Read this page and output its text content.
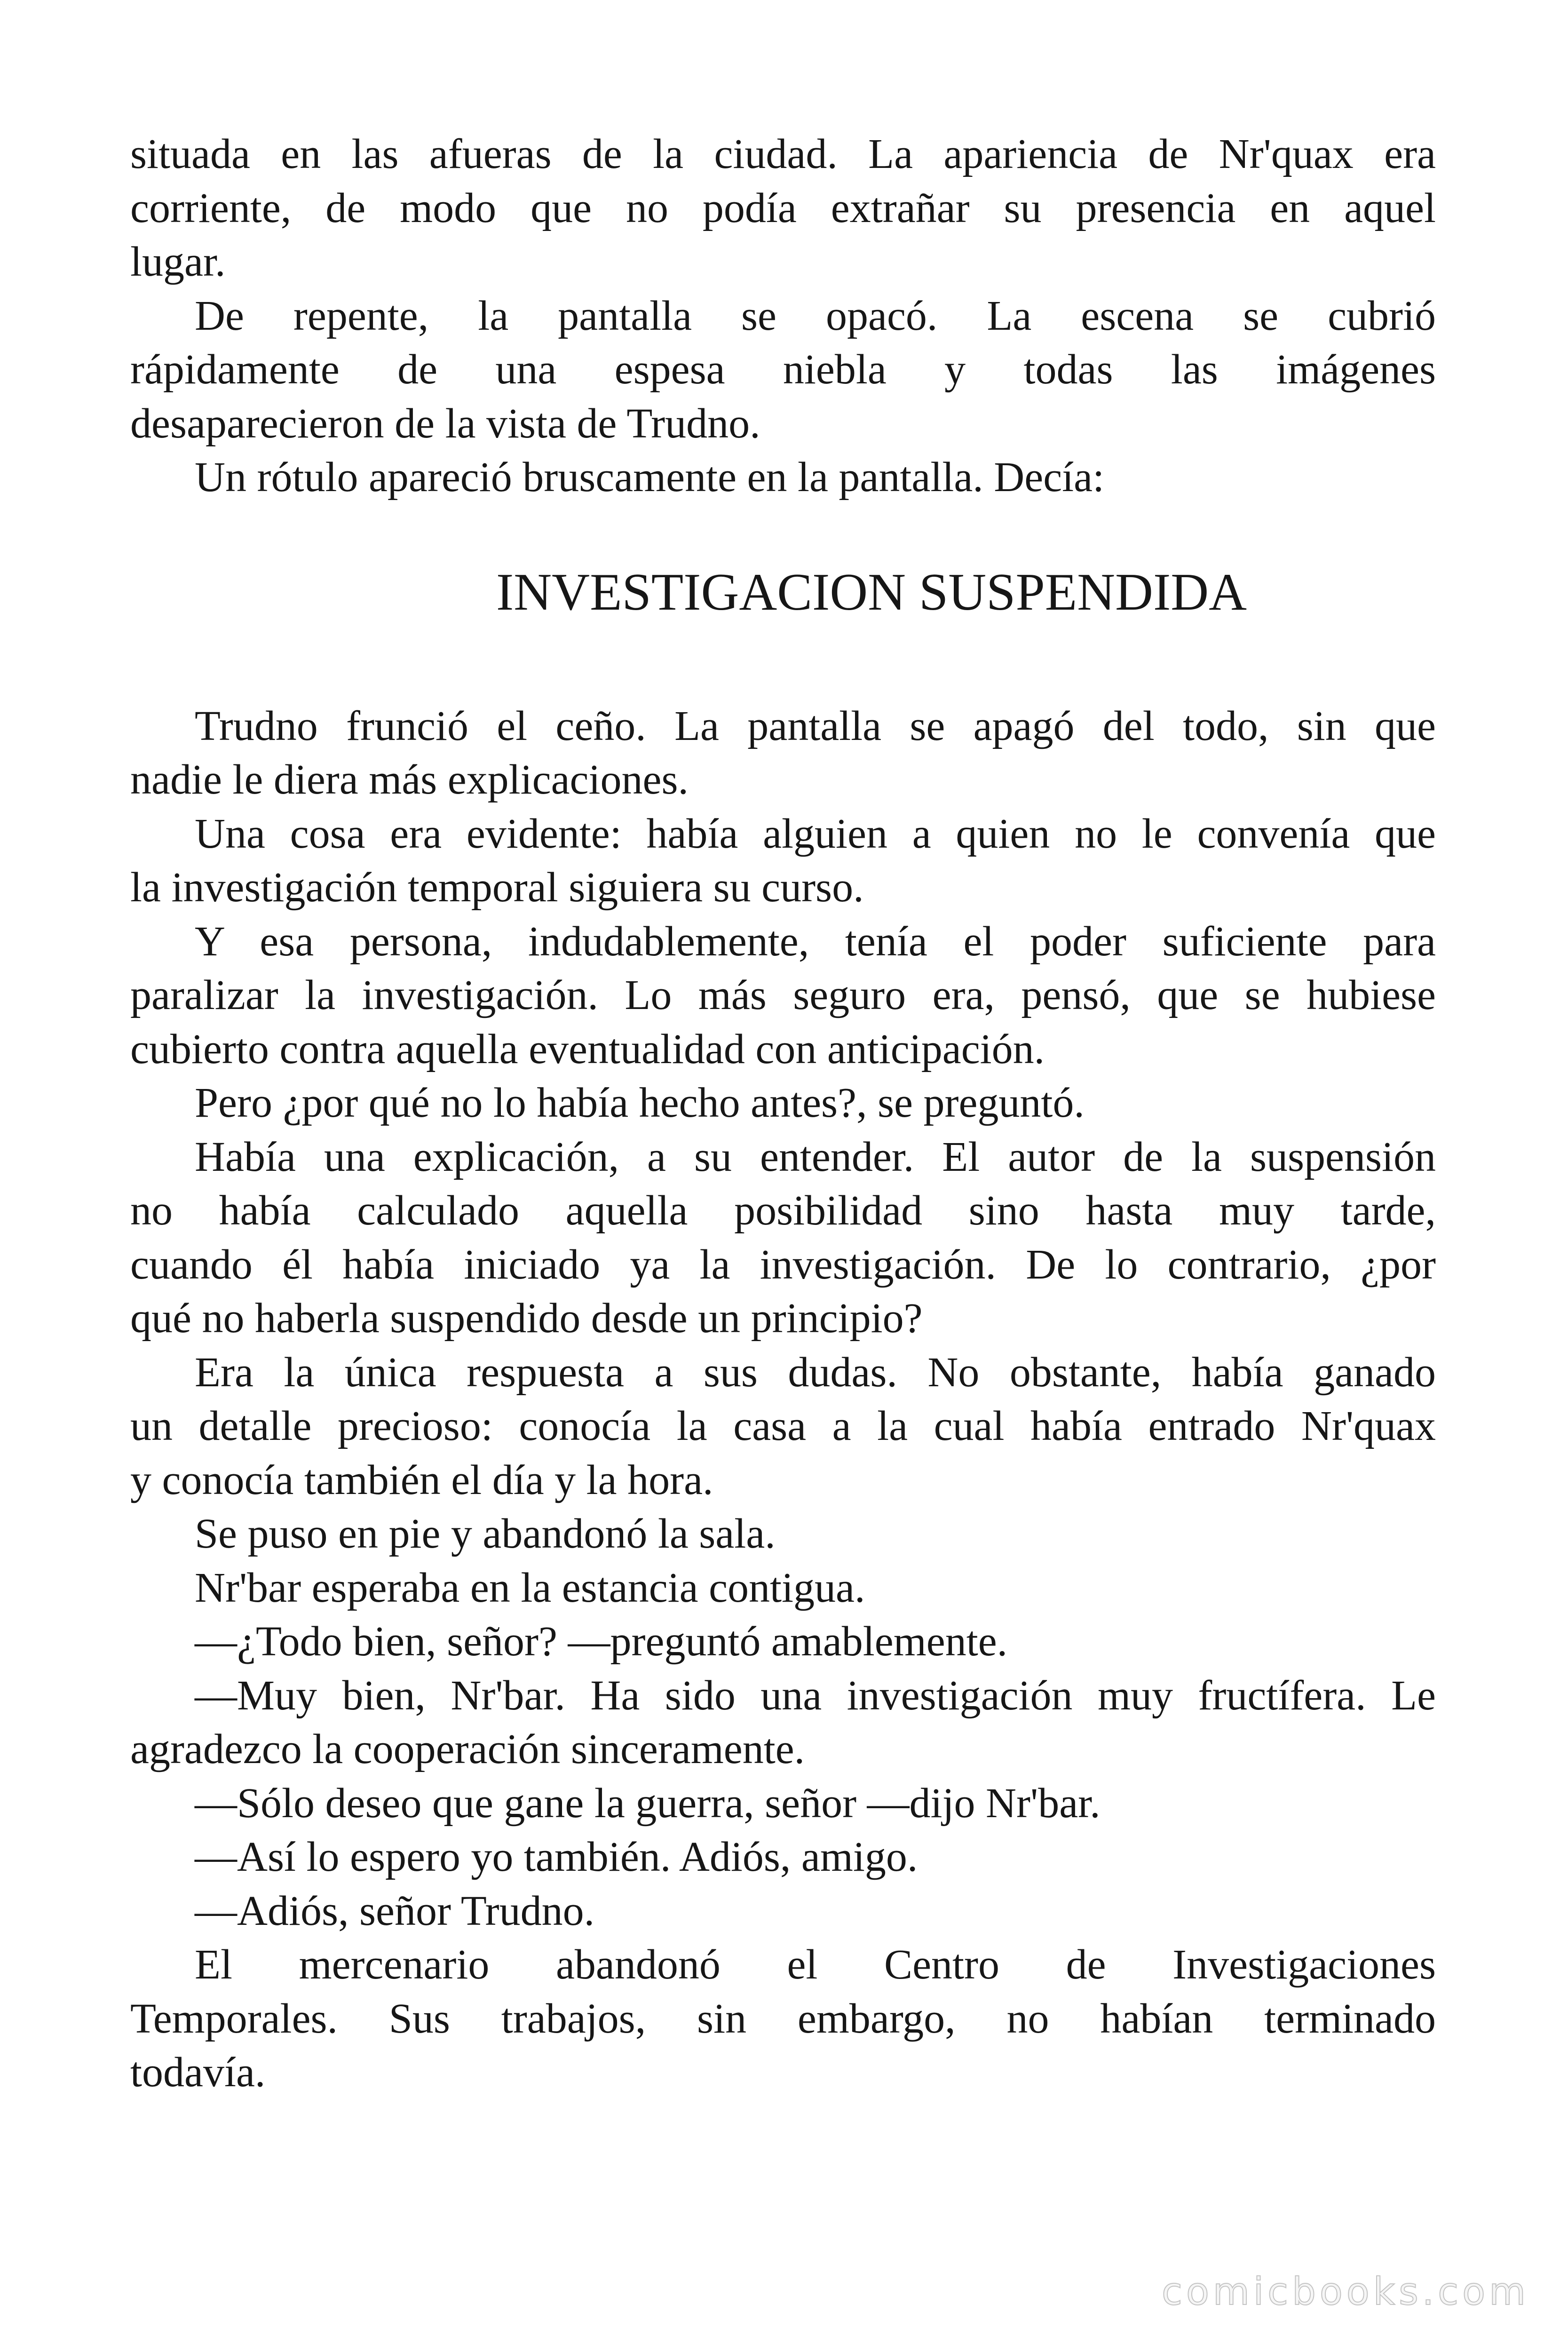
situada en las afueras de la ciudad. La apariencia de Nr'quax era
corriente, de modo que no podía extrañar su presencia en aquel
lugar.
De repente, la pantalla se opacó. La escena se cubrió
rápidamente de una espesa niebla y todas las imágenes
desaparecieron de la vista de Trudno.
Un rótulo apareció bruscamente en la pantalla. Decía:
INVESTIGACION SUSPENDIDA
Trudno frunció el ceño. La pantalla se apagó del todo, sin que
nadie le diera más explicaciones.
Una cosa era evidente: había alguien a quien no le convenía que
la investigación temporal siguiera su curso.
Y esa persona, indudablemente, tenía el poder suficiente para
paralizar la investigación. Lo más seguro era, pensó, que se hubiese
cubierto contra aquella eventualidad con anticipación.
Pero ¿por qué no lo había hecho antes?, se preguntó.
Había una explicación, a su entender. El autor de la suspensión
no había calculado aquella posibilidad sino hasta muy tarde,
cuando él había iniciado ya la investigación. De lo contrario, ¿por
qué no haberla suspendido desde un principio?
Era la única respuesta a sus dudas. No obstante, había ganado
un detalle precioso: conocía la casa a la cual había entrado Nr'quax
y conocía también el día y la hora.
Se puso en pie y abandonó la sala.
Nr'bar esperaba en la estancia contigua.
—¿Todo bien, señor? —preguntó amablemente.
—Muy bien, Nr'bar. Ha sido una investigación muy fructífera. Le
agradezco la cooperación sinceramente.
—Sólo deseo que gane la guerra, señor —dijo Nr'bar.
—Así lo espero yo también. Adiós, amigo.
—Adiós, señor Trudno.
El mercenario abandonó el Centro de Investigaciones
Temporales. Sus trabajos, sin embargo, no habían terminado
todavía.
comicbooks.com
